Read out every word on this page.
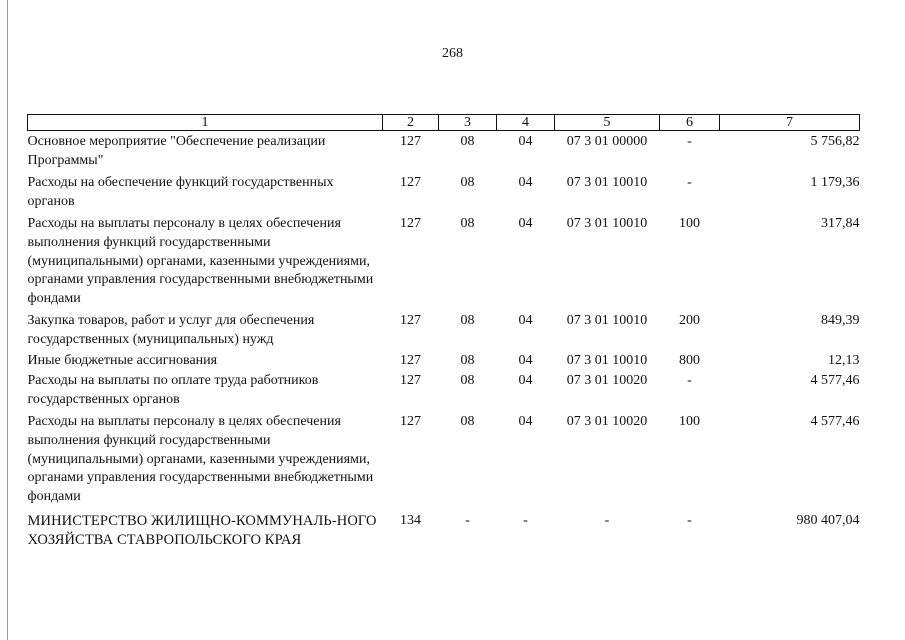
268
1	2	3	4	5	6	7
Основное мероприятие "Обеспечение реализации Программы"	127	08	04	07 3 01 00000	-	5 756,82
Расходы на обеспечение функций государственных органов	127	08	04	07 3 01 10010	-	1 179,36
Расходы на выплаты персоналу в целях обеспечения выполнения функций государственными (муниципальными) органами, казенными учреждениями, органами управления государственными внебюджетными фондами	127	08	04	07 3 01 10010	100	317,84
Закупка товаров, работ и услуг для обеспечения государственных (муниципальных) нужд	127	08	04	07 3 01 10010	200	849,39
Иные бюджетные ассигнования	127	08	04	07 3 01 10010	800	12,13
Расходы на выплаты по оплате труда работников государственных органов	127	08	04	07 3 01 10020	-	4 577,46
Расходы на выплаты персоналу в целях обеспечения выполнения функций государственными (муниципальными) органами, казенными учреждениями, органами управления государственными внебюджетными фондами	127	08	04	07 3 01 10020	100	4 577,46
МИНИСТЕРСТВО ЖИЛИЩНО-КОММУНАЛЬ-НОГО ХОЗЯЙСТВА СТАВРОПОЛЬСКОГО КРАЯ	134	-	-	-	-	980 407,04
